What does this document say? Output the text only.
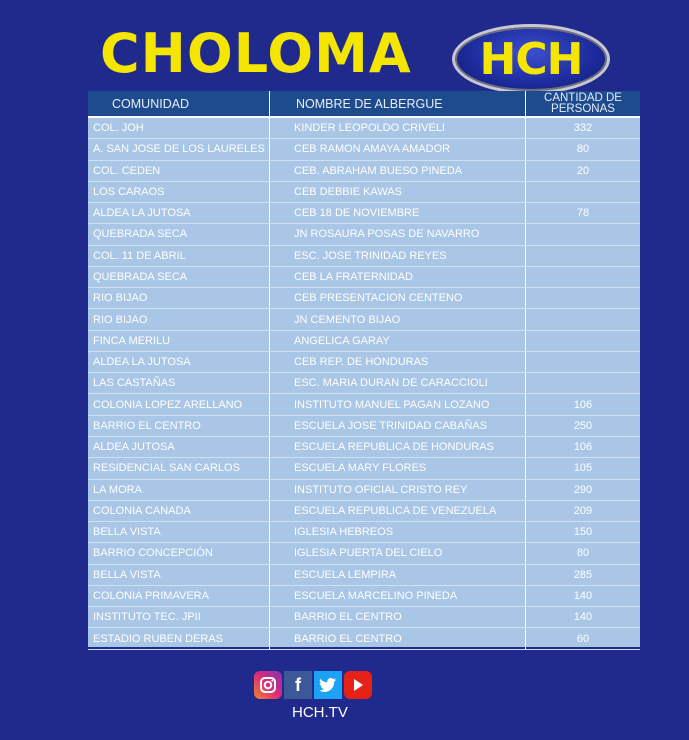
CHOLOMA HCH
COMUNIDAD	NOMBRE DE ALBERGUE	CANTIDAD DE PERSONAS
COL. JOH	KINDER LEOPOLDO CRIVELI	332
A. SAN JOSE DE LOS LAURELES	CEB RAMON AMAYA AMADOR	80
COL. CEDEN	CEB. ABRAHAM BUESO PINEDA	20
LOS CARAOS	CEB DEBBIE KAWAS
ALDEA LA JUTOSA	CEB 18 DE NOVIEMBRE	78
QUEBRADA SECA	JN ROSAURA POSAS DE NAVARRO
COL. 11 DE ABRIL	ESC. JOSE TRINIDAD REYES
QUEBRADA SECA	CEB LA FRATERNIDAD
RIO BIJAO	CEB PRESENTACION CENTENO
RIO BIJAO	JN CEMENTO BIJAO
FINCA MERILU	ANGELICA GARAY
ALDEA LA JUTOSA	CEB REP. DE HONDURAS
LAS CASTAÑAS	ESC. MARIA DURAN DE CARACCIOLI
COLONIA LOPEZ ARELLANO	INSTITUTO MANUEL PAGAN LOZANO	106
BARRIO EL CENTRO	ESCUELA JOSE TRINIDAD CABAÑAS	250
ALDEA JUTOSA	ESCUELA REPUBLICA DE HONDURAS	106
RESIDENCIAL SAN CARLOS	ESCUELA MARY FLORES	105
LA MORA	INSTITUTO OFICIAL CRISTO REY	290
COLONIA CANADA	ESCUELA REPUBLICA DE VENEZUELA	209
BELLA VISTA	IGLESIA HEBREOS	150
BARRIO CONCEPCIÓN	IGLESIA PUERTA DEL CIELO	80
BELLA VISTA	ESCUELA LEMPIRA	285
COLONIA PRIMAVERA	ESCUELA MARCELINO PINEDA	140
INSTITUTO TEC. JPII	BARRIO EL CENTRO	140
ESTADIO RUBEN DERAS	BARRIO EL CENTRO	60
f
HCH.TV
